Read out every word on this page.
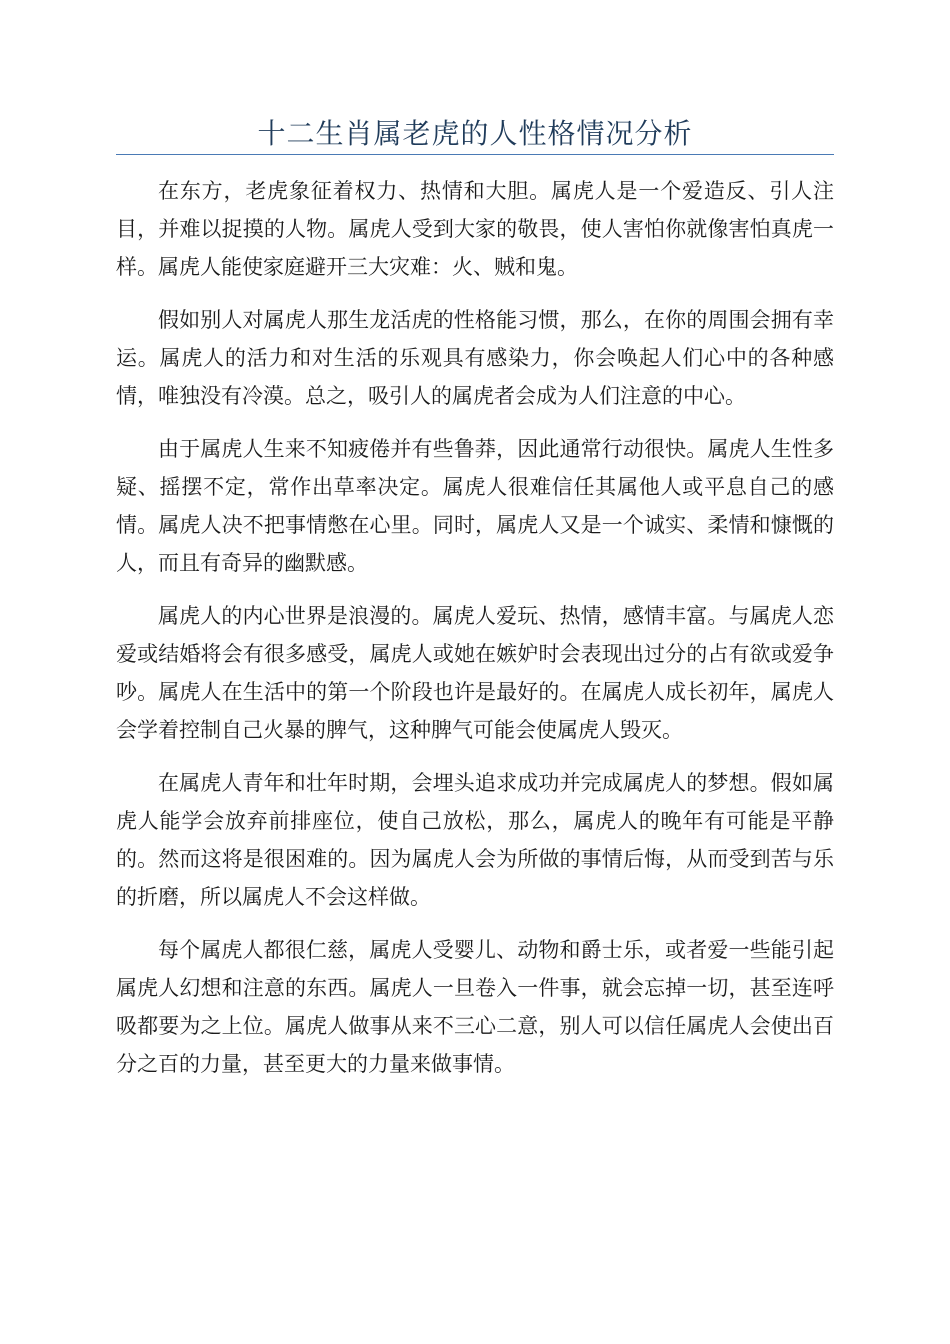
十二生肖属老虎的人性格情况分析

在东方，老虎象征着权力、热情和大胆。属虎人是一个爱造反、引人注目，并难以捉摸的人物。属虎人受到大家的敬畏，使人害怕你就像害怕真虎一样。属虎人能使家庭避开三大灾难：火、贼和鬼。

假如别人对属虎人那生龙活虎的性格能习惯，那么，在你的周围会拥有幸运。属虎人的活力和对生活的乐观具有感染力，你会唤起人们心中的各种感情，唯独没有冷漠。总之，吸引人的属虎者会成为人们注意的中心。

由于属虎人生来不知疲倦并有些鲁莽，因此通常行动很快。属虎人生性多疑、摇摆不定，常作出草率决定。属虎人很难信任其属他人或平息自己的感情。属虎人决不把事情憋在心里。同时，属虎人又是一个诚实、柔情和慷慨的人，而且有奇异的幽默感。

属虎人的内心世界是浪漫的。属虎人爱玩、热情，感情丰富。与属虎人恋爱或结婚将会有很多感受，属虎人或她在嫉妒时会表现出过分的占有欲或爱争吵。属虎人在生活中的第一个阶段也许是最好的。在属虎人成长初年，属虎人会学着控制自己火暴的脾气，这种脾气可能会使属虎人毁灭。

在属虎人青年和壮年时期，会埋头追求成功并完成属虎人的梦想。假如属虎人能学会放弃前排座位，使自己放松，那么，属虎人的晚年有可能是平静的。然而这将是很困难的。因为属虎人会为所做的事情后悔，从而受到苦与乐的折磨，所以属虎人不会这样做。

每个属虎人都很仁慈，属虎人受婴儿、动物和爵士乐，或者爱一些能引起属虎人幻想和注意的东西。属虎人一旦卷入一件事，就会忘掉一切，甚至连呼吸都要为之上位。属虎人做事从来不三心二意，别人可以信任属虎人会使出百分之百的力量，甚至更大的力量来做事情。
